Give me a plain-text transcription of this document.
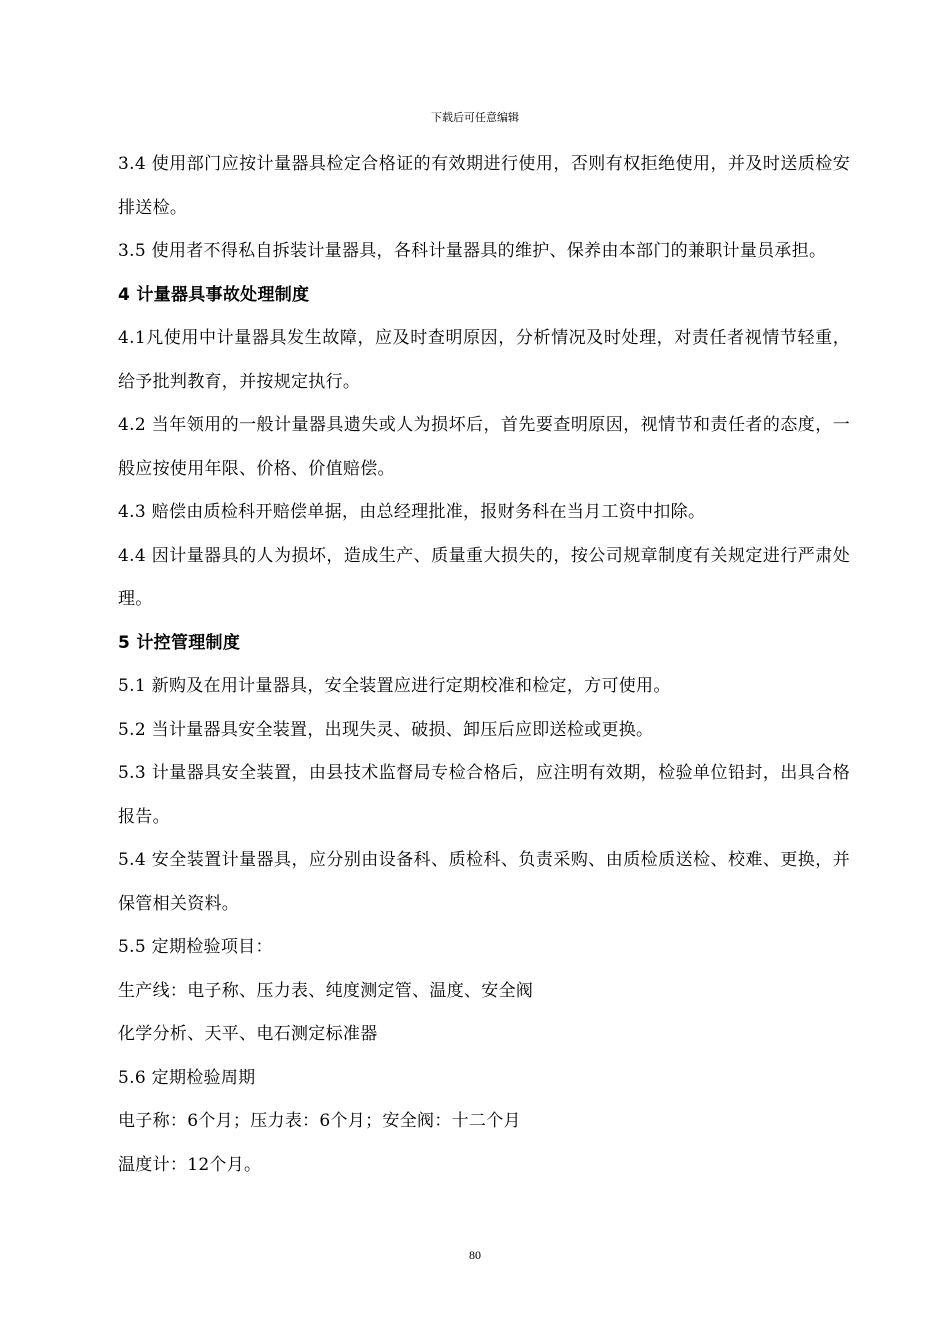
下载后可任意编辑

3.4 使用部门应按计量器具检定合格证的有效期进行使用，否则有权拒绝使用，并及时送质检安排送检。

3.5 使用者不得私自拆装计量器具，各科计量器具的维护、保养由本部门的兼职计量员承担。

4 计量器具事故处理制度

4.1凡使用中计量器具发生故障，应及时查明原因，分析情况及时处理，对责任者视情节轻重，给予批判教育，并按规定执行。

4.2 当年领用的一般计量器具遗失或人为损坏后，首先要查明原因，视情节和责任者的态度，一般应按使用年限、价格、价值赔偿。

4.3 赔偿由质检科开赔偿单据，由总经理批准，报财务科在当月工资中扣除。

4.4 因计量器具的人为损坏，造成生产、质量重大损失的，按公司规章制度有关规定进行严肃处理。

5 计控管理制度

5.1 新购及在用计量器具，安全装置应进行定期校准和检定，方可使用。

5.2 当计量器具安全装置，出现失灵、破损、卸压后应即送检或更换。

5.3 计量器具安全装置，由县技术监督局专检合格后，应注明有效期，检验单位铅封，出具合格报告。

5.4 安全装置计量器具，应分别由设备科、质检科、负责采购、由质检质送检、校难、更换，并保管相关资料。

5.5 定期检验项目：

生产线：电子称、压力表、纯度测定管、温度、安全阀

化学分析、天平、电石测定标准器

5.6 定期检验周期

电子称：6个月；压力表：6个月；安全阀：十二个月

温度计：12个月。

80
